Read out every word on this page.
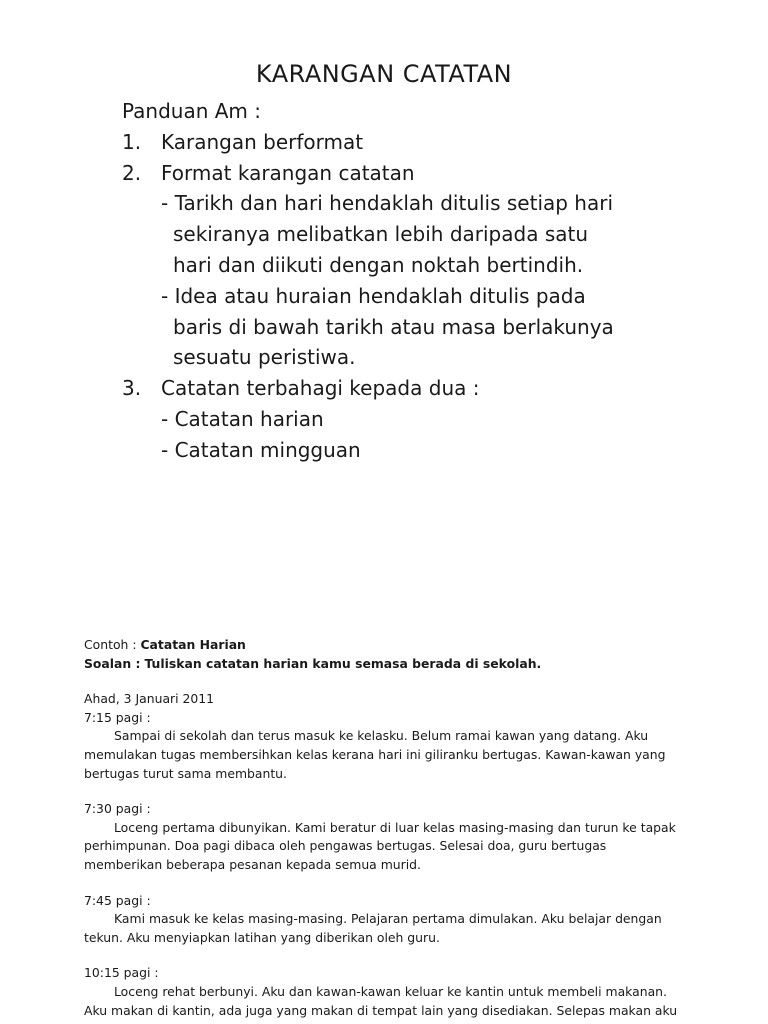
KARANGAN CATATAN
Panduan Am :
1. Karangan berformat
2. Format karangan catatan
- Tarikh dan hari hendaklah ditulis setiap hari
sekiranya melibatkan lebih daripada satu
hari dan diikuti dengan noktah bertindih.
- Idea atau huraian hendaklah ditulis pada
baris di bawah tarikh atau masa berlakunya
sesuatu peristiwa.
3. Catatan terbahagi kepada dua :
- Catatan harian
- Catatan mingguan
Contoh : Catatan Harian
Soalan : Tuliskan catatan harian kamu semasa berada di sekolah.
Ahad, 3 Januari 2011
7:15 pagi :
Sampai di sekolah dan terus masuk ke kelasku. Belum ramai kawan yang datang. Aku
memulakan tugas membersihkan kelas kerana hari ini giliranku bertugas. Kawan-kawan yang
bertugas turut sama membantu.
7:30 pagi :
Loceng pertama dibunyikan. Kami beratur di luar kelas masing-masing dan turun ke tapak
perhimpunan. Doa pagi dibaca oleh pengawas bertugas. Selesai doa, guru bertugas
memberikan beberapa pesanan kepada semua murid.
7:45 pagi :
Kami masuk ke kelas masing-masing. Pelajaran pertama dimulakan. Aku belajar dengan
tekun. Aku menyiapkan latihan yang diberikan oleh guru.
10:15 pagi :
Loceng rehat berbunyi. Aku dan kawan-kawan keluar ke kantin untuk membeli makanan.
Aku makan di kantin, ada juga yang makan di tempat lain yang disediakan. Selepas makan aku
